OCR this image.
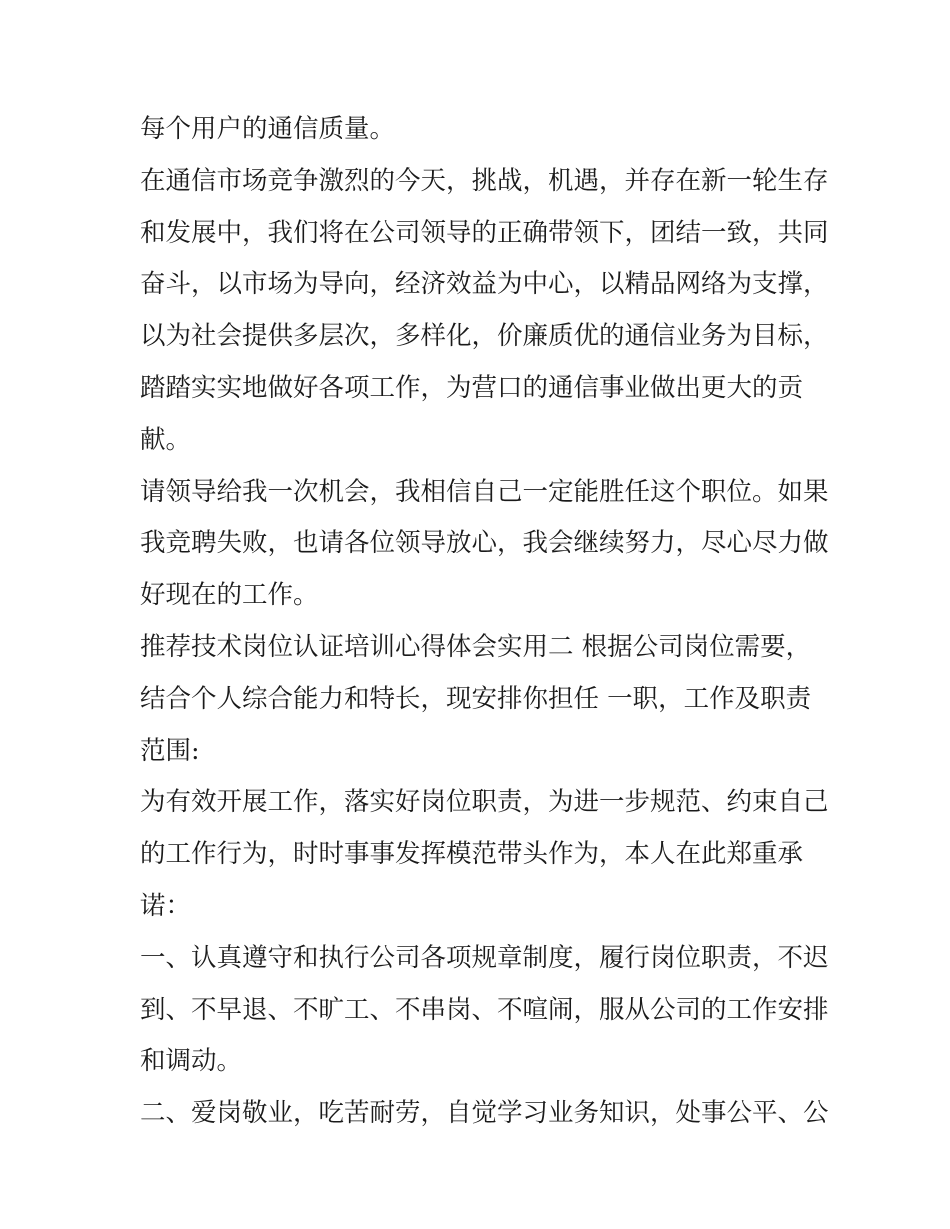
每个用户的通信质量。
在通信市场竞争激烈的今天，挑战，机遇，并存在新一轮生存
和发展中，我们将在公司领导的正确带领下，团结一致，共同
奋斗，以市场为导向，经济效益为中心，以精品网络为支撑，
以为社会提供多层次，多样化，价廉质优的通信业务为目标，
踏踏实实地做好各项工作，为营口的通信事业做出更大的贡
献。
请领导给我一次机会，我相信自己一定能胜任这个职位。如果
我竞聘失败，也请各位领导放心，我会继续努力，尽心尽力做
好现在的工作。
推荐技术岗位认证培训心得体会实用二 根据公司岗位需要，
结合个人综合能力和特长，现安排你担任 一职，工作及职责
范围:
为有效开展工作，落实好岗位职责，为进一步规范、约束自己
的工作行为，时时事事发挥模范带头作为，本人在此郑重承
诺：
一、认真遵守和执行公司各项规章制度，履行岗位职责，不迟
到、不早退、不旷工、不串岗、不喧闹，服从公司的工作安排
和调动。
二、爱岗敬业，吃苦耐劳，自觉学习业务知识，处事公平、公
